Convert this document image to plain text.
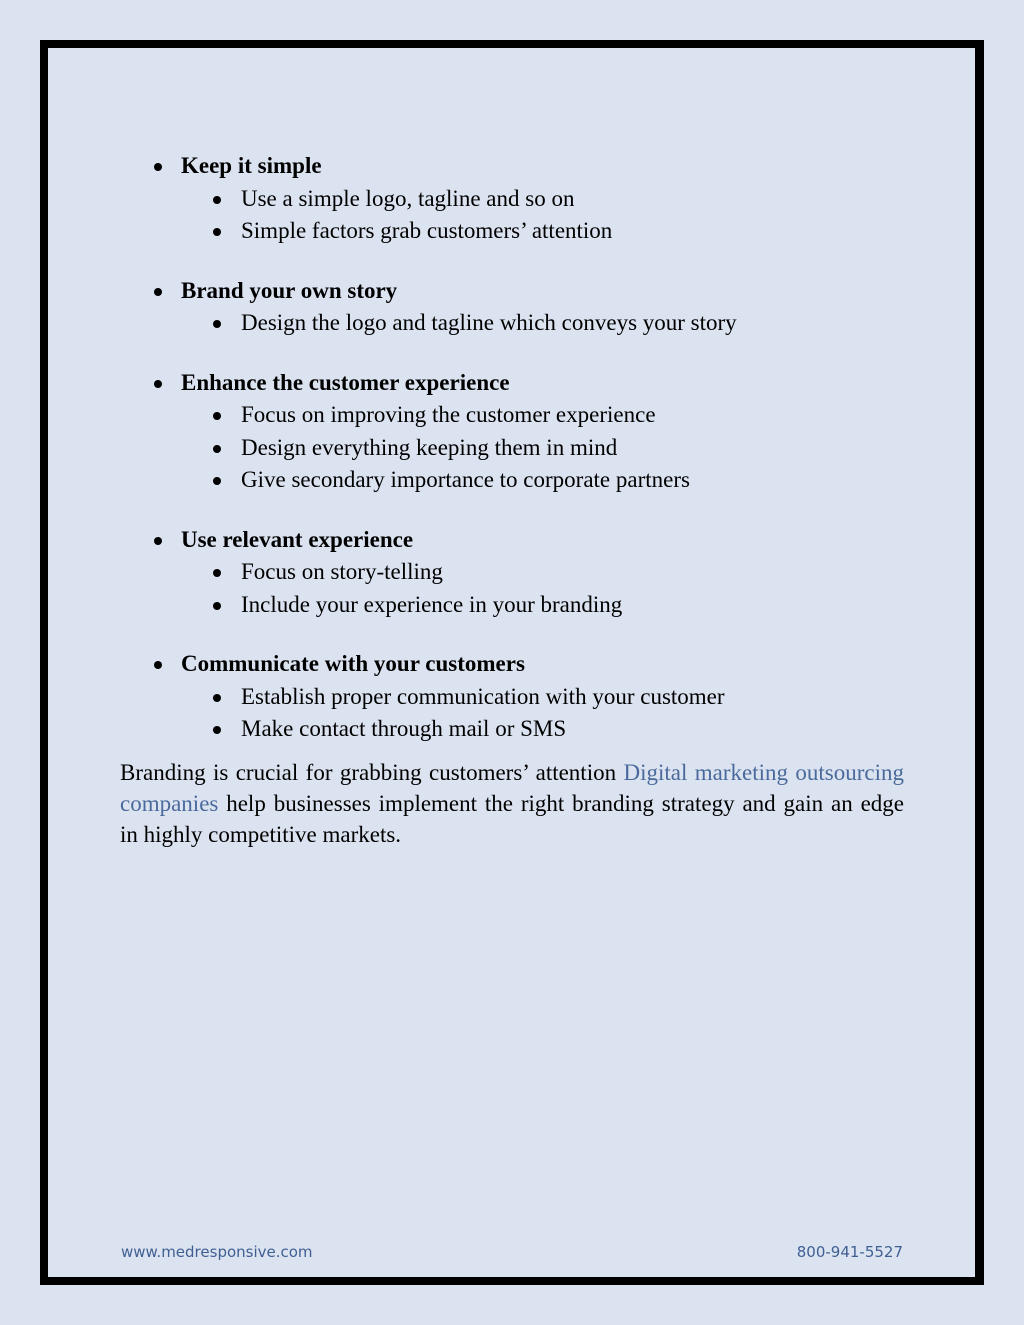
Keep it simple
Use a simple logo, tagline and so on
Simple factors grab customers’ attention
Brand your own story
Design the logo and tagline which conveys your story
Enhance the customer experience
Focus on improving the customer experience
Design everything keeping them in mind
Give secondary importance to corporate partners
Use relevant experience
Focus on story-telling
Include your experience in your branding
Communicate with your customers
Establish proper communication with your customer
Make contact through mail or SMS

Branding is crucial for grabbing customers’ attention Digital marketing outsourcing companies help businesses implement the right branding strategy and gain an edge in highly competitive markets.

www.medresponsive.com	800-941-5527
